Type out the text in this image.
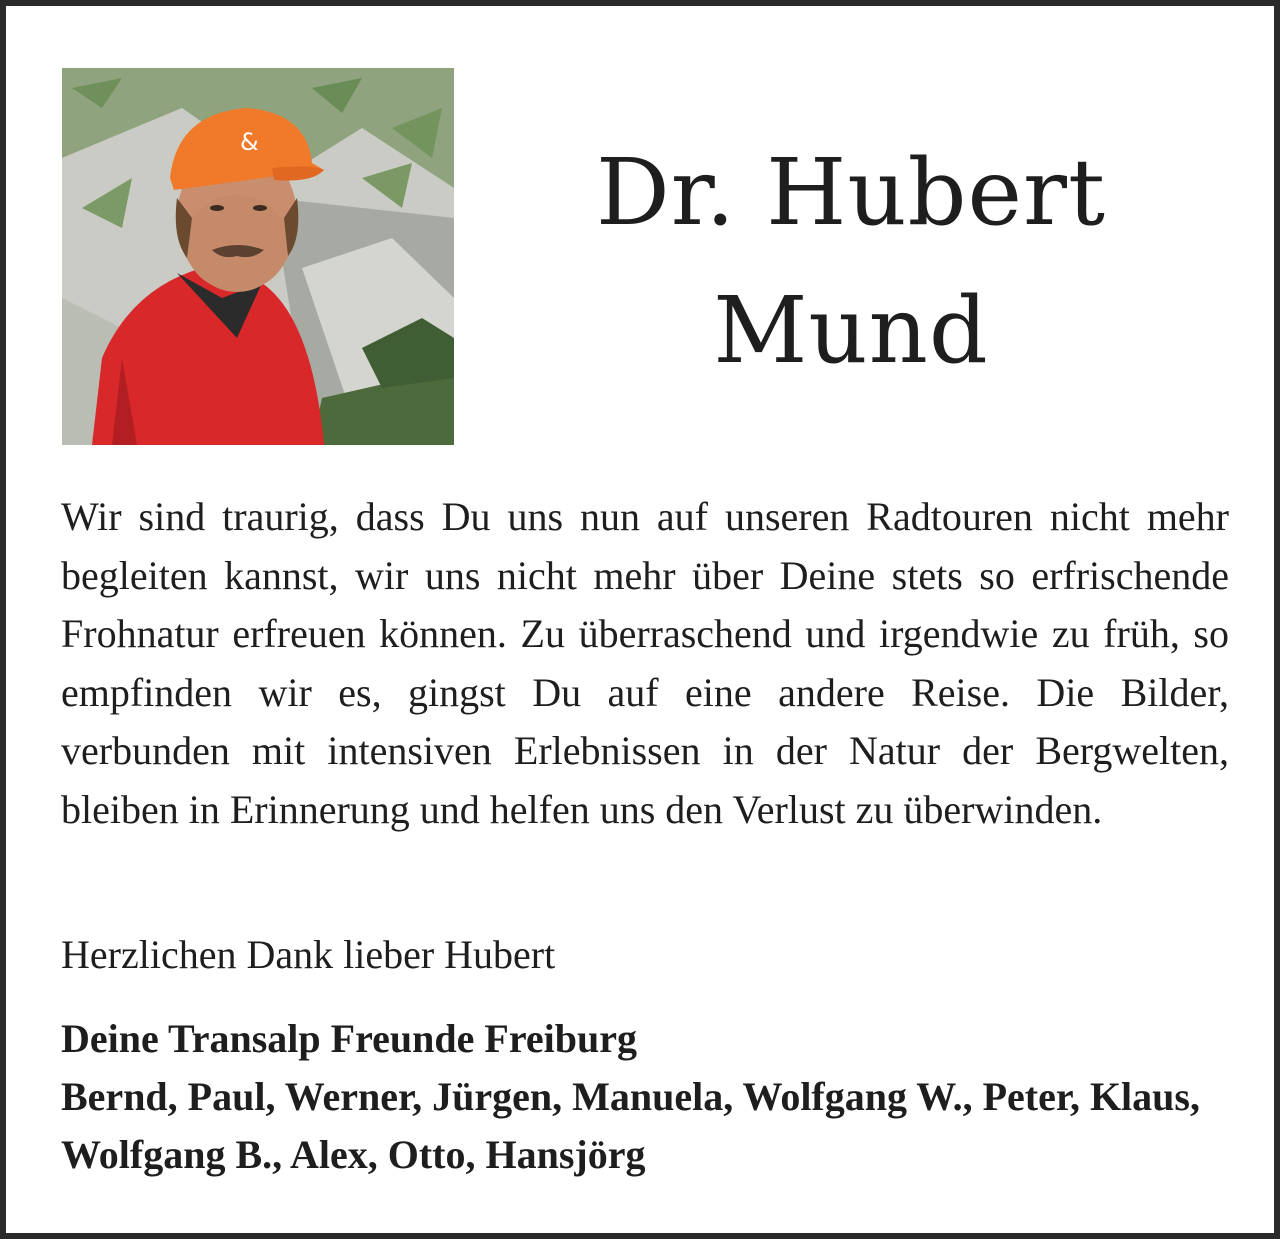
&	Dr. Hubert
Mund

Wir sind traurig, dass Du uns nun auf unseren Radtouren nicht mehr begleiten kannst, wir uns nicht mehr über Deine stets so erfrischende Frohnatur erfreuen können. Zu überraschend und irgendwie zu früh, so empfinden wir es, gingst Du auf eine andere Reise. Die Bilder, verbunden mit intensiven Erlebnissen in der Natur der Bergwelten, bleiben in Erinnerung und helfen uns den Verlust zu überwinden.

Herzlichen Dank lieber Hubert

Deine Transalp Freunde Freiburg
Bernd, Paul, Werner, Jürgen, Manuela, Wolfgang W., Peter, Klaus, Wolfgang B., Alex, Otto, Hansjörg
